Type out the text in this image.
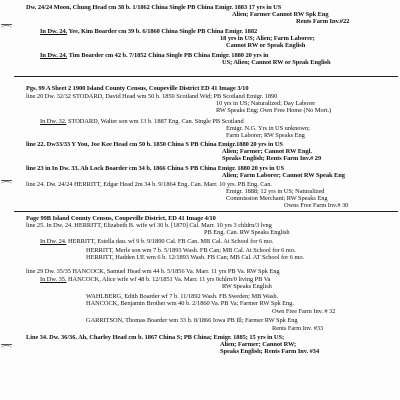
Dw. 24/24 Moon, Chung Head cm 38 b. 1/1862 China Single PB China Emigr. 1883 17 yrs in US
Alien; Farmer Cannot RW Spk Eng
Rents Farm Inv.#22
In Dw. 24. Yee, Kim Boarder cm 39 b. 6/1860 China Single PB China Emigr. 1882
18 yrs in US; Alien; Farm Laborer;
Cannot RW or Speak English
In Dw. 24. Tim Boarder cm 42 b. 7/1852 China Single PB China Emigr. 1880 20 yrs in
US; Alien; Cannot RW or Speak English
Pgs. 99 A Sheet 2 1900 Island County Census, Coupeville District ED 41 Image 3/10
line 20 Dw. 32/32 STODARD, David Head wm 50 b. 1850 Scotland Wid; PB Scotland Emigr. 1890
10 yrs in US; Naturalized; Day Laborer
RW Speaks Eng; Own Free Home (No Mort.)
In Dw. 32. STODARD, Walter son wm 13 b. 1887 Eng. Can. Single PB Scotland
Emigr. N.G. Yrs in US unknown;
Farm Laborer; RW Speaks Eng
line 22. Dw33/33 Y You, Joe Kee Head cm 50 b. 1850 China S PB China Emigr.1880 20 yrs in US
Alien; Farmer; Cannot RW Engl.
Speaks English; Rents Farm Inv.# 29
line 23 in In Dw. 33. Ah Lock Boarder cm 34 b. 1866 China S PB China Emigr. 1880 20 yrs in US
Alien; Farm Laborer; Cannot RW Speak Eng
line 24. Dw. 24/24 HERRITT, Edgar Head 2m 34 b. 9/1864 Eng. Can. Marr. 10 yrs. PB Eng. Can.
Emigr. 1888; 12 yrs in US; Naturalized
Commission Merchant; RW Speaks Eng
Owns Free Farm Inv.# 30
Page 99B Island County Census, Coupeville District, ED 41 Image 4/10
line 25. In Dw. 24. HERRITT, Elizabeth B. wife wf 30 b. [1870] Cal. Marr. 10 yrs 3 chldrn/3 lvng
PB Eng. Can. RW Speaks English
In Dw. 24. HERRITT, Estella dau. wf 9 b. 9/1890 Cal. FB Can. MB Cal. At School for 6 mo.
HERRITT, Merle son wm 7 b. 5/1893 Wash. FB Can; MB Cal. At School for 6 mo.
HERRITT, Hadden UE wm 6 b. 12/1893 Wash. FB Can; MB Cal. AT School for 6 mo.
line 29 Dw. 35/35 HANCOCK, Samuel Head wm 44 b. 5/1856 Va. Marr. 11 yrs PB Va. RW Spk Eng
In Dw. 35. HANCOCK, Alice wife wf 48 b. 12/1851 Va. Marr. 11 yrs 0chlrn/0 living PB Va
RW Speaks English
WAHLBERG, Edith Boarder wf 7 b. 11/1892 Wash. FB Sweden; MB Wash.
HANCOCK, Benjamin Brother wm 40 b. 2/1860 Va. PB Va; Farmer RW Spk Eng.
Own Free Farm Inv. # 32
GARRITSON, Thomas Boarder wm 33 b. 8/1866 Iowa PB Ill; Farmer RW Spk Eng
Rents Farm Inv. #33
Line 34. Dw. 36/36. Ah, Charley Head cm b. 1867 China S; PB China; Emigr. 1885; 15 yrs in US;
Alien; Farmer; Cannot RW;
Speaks English; Rents Farm Inv. #34
